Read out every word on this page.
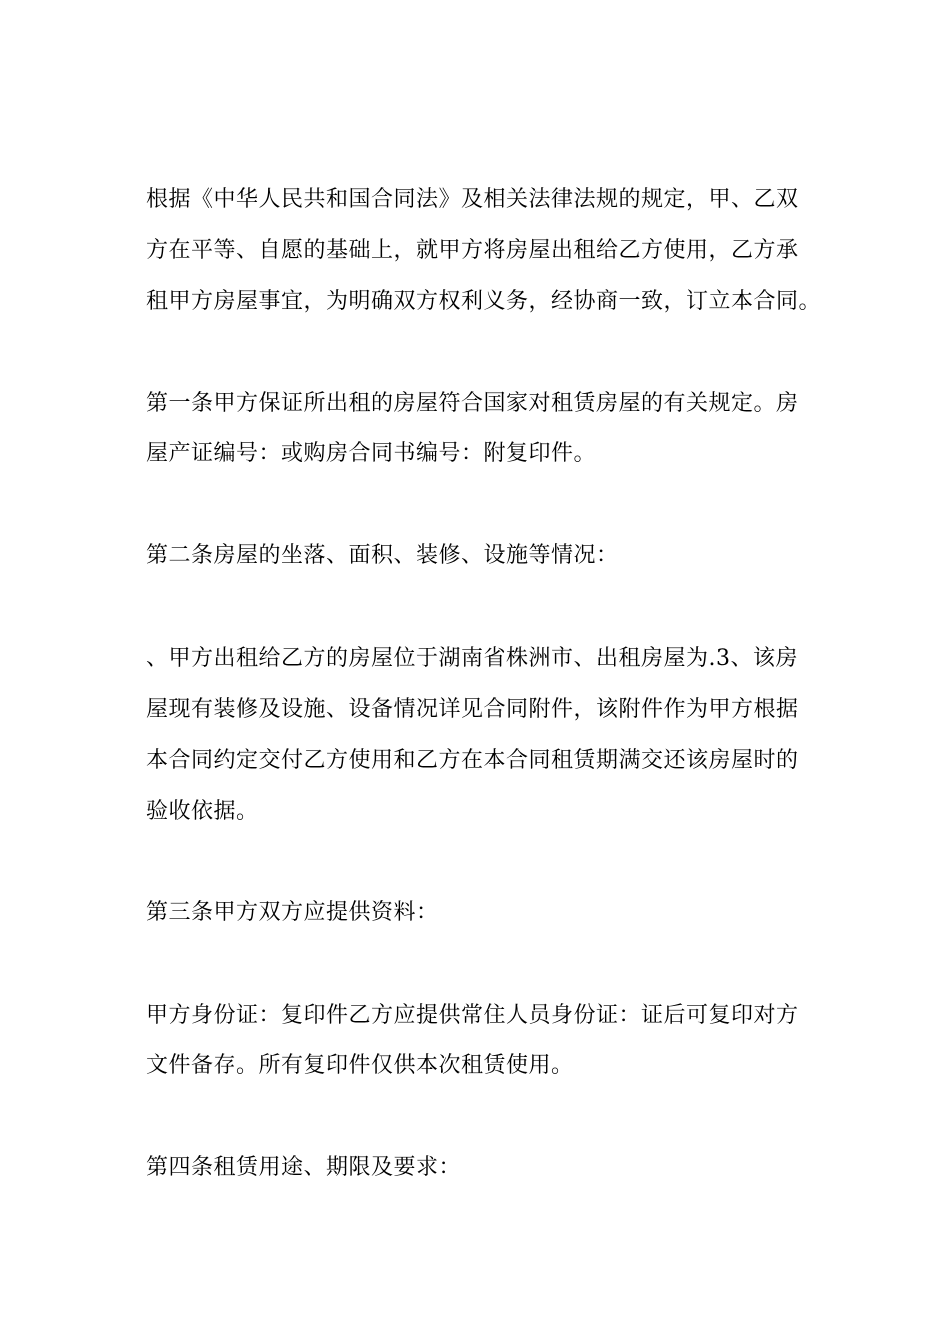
根据《中华人民共和国合同法》及相关法律法规的规定，甲、乙双

方在平等、自愿的基础上，就甲方将房屋出租给乙方使用，乙方承

租甲方房屋事宜，为明确双方权利义务，经协商一致，订立本合同。

第一条甲方保证所出租的房屋符合国家对租赁房屋的有关规定。房

屋产证编号：或购房合同书编号：附复印件。

第二条房屋的坐落、面积、装修、设施等情况：

、甲方出租给乙方的房屋位于湖南省株洲市、出租房屋为.3、该房

屋现有装修及设施、设备情况详见合同附件，该附件作为甲方根据

本合同约定交付乙方使用和乙方在本合同租赁期满交还该房屋时的

验收依据。

第三条甲方双方应提供资料：

甲方身份证：复印件乙方应提供常住人员身份证：证后可复印对方

文件备存。所有复印件仅供本次租赁使用。

第四条租赁用途、期限及要求：
